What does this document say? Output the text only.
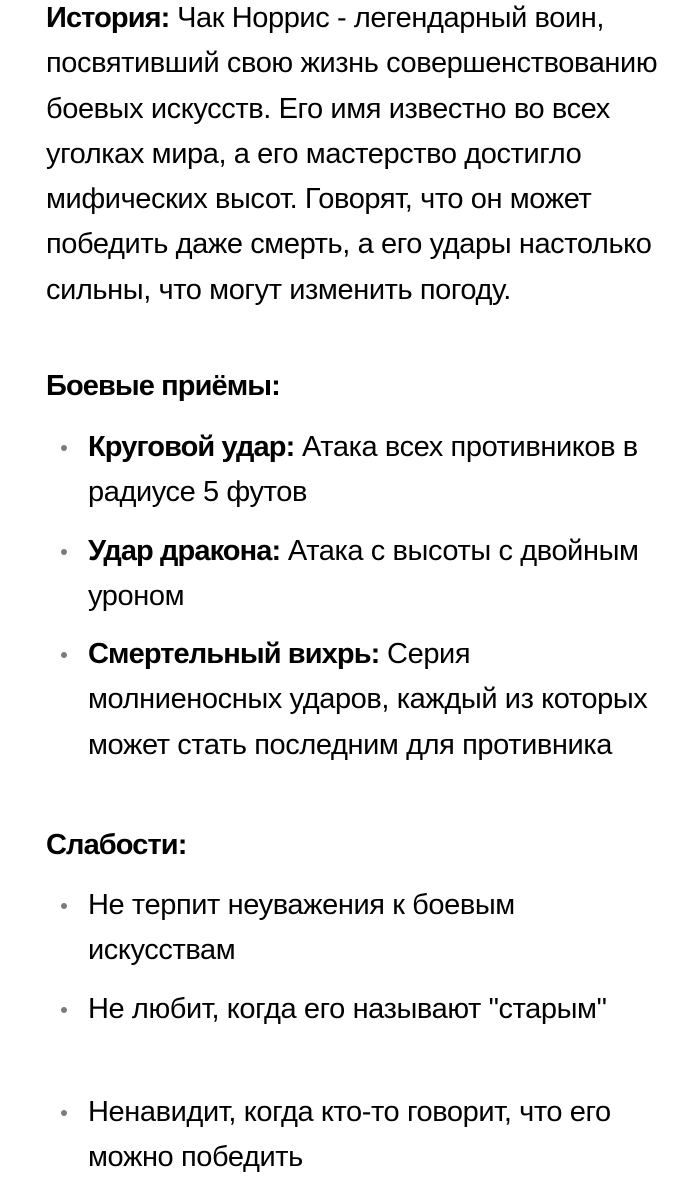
История: Чак Норрис - легендарный воин, посвятивший свою жизнь совершенствованию боевых искусств. Его имя известно во всех уголках мира, а его мастерство достигло мифических высот. Говорят, что он может победить даже смерть, а его удары настолько сильны, что могут изменить погоду.

Боевые приёмы:

Круговой удар: Атака всех противников в радиусе 5 футов
Удар дракона: Атака с высоты с двойным уроном
Смертельный вихрь: Серия молниеносных ударов, каждый из которых может стать последним для противника

Слабости:

Не терпит неуважения к боевым искусствам
Не любит, когда его называют "старым"
Ненавидит, когда кто-то говорит, что его можно победить
